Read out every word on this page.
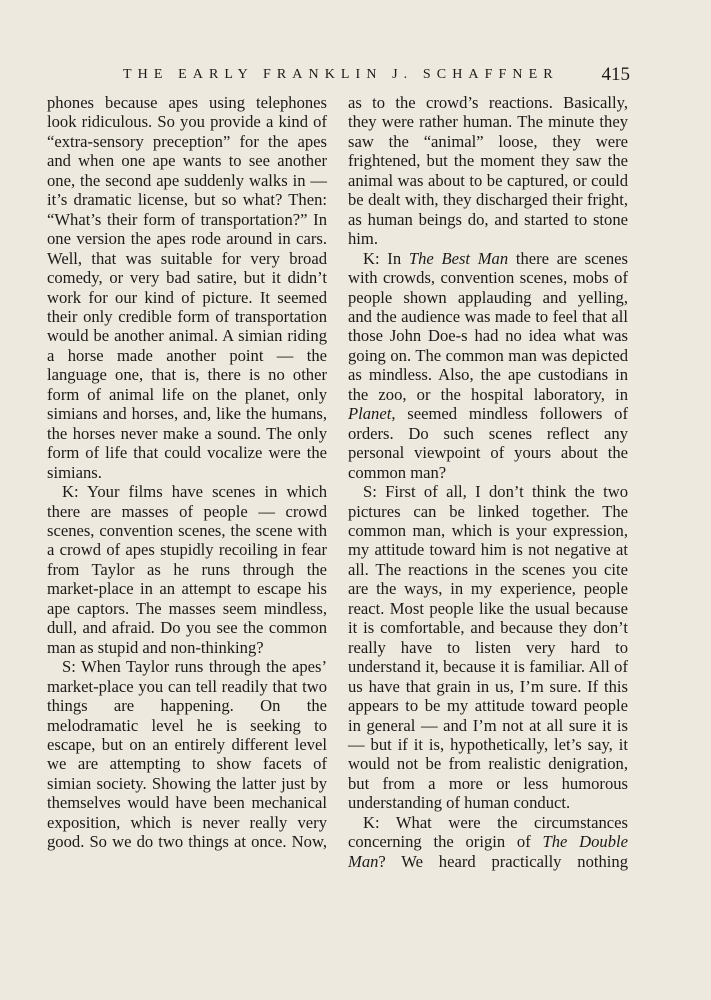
THE EARLY FRANKLIN J. SCHAFFNER 415

phones because apes using telephones look ridiculous. So you provide a kind of “extra-sensory preception” for the apes and when one ape wants to see another one, the second ape suddenly walks in — it’s dramatic license, but so what? Then: “What’s their form of transportation?” In one version the apes rode around in cars. Well, that was suitable for very broad comedy, or very bad satire, but it didn’t work for our kind of picture. It seemed their only credible form of transportation would be another animal. A simian riding a horse made another point — the language one, that is, there is no other form of animal life on the planet, only simians and horses, and, like the humans, the horses never make a sound. The only form of life that could vocalize were the simians.

K: Your films have scenes in which there are masses of people — crowd scenes, convention scenes, the scene with a crowd of apes stupidly recoiling in fear from Taylor as he runs through the market-place in an attempt to escape his ape captors. The masses seem mindless, dull, and afraid. Do you see the common man as stupid and non-thinking?

S: When Taylor runs through the apes’ market-place you can tell readily that two things are happening. On the melodramatic level he is seeking to escape, but on an entirely different level we are attempting to show facets of simian society. Showing the latter just by themselves would have been mechanical exposition, which is never really very good. So we do two things at once. Now,

as to the crowd’s reactions. Basically, they were rather human. The minute they saw the “animal” loose, they were frightened, but the moment they saw the animal was about to be captured, or could be dealt with, they discharged their fright, as human beings do, and started to stone him.

K: In The Best Man there are scenes with crowds, convention scenes, mobs of people shown applauding and yelling, and the audience was made to feel that all those John Doe-s had no idea what was going on. The common man was depicted as mindless. Also, the ape custodians in the zoo, or the hospital laboratory, in Planet, seemed mindless followers of orders. Do such scenes reflect any personal viewpoint of yours about the common man?

S: First of all, I don’t think the two pictures can be linked together. The common man, which is your expression, my attitude toward him is not negative at all. The reactions in the scenes you cite are the ways, in my experience, people react. Most people like the usual because it is comfortable, and because they don’t really have to listen very hard to understand it, because it is familiar. All of us have that grain in us, I’m sure. If this appears to be my attitude toward people in general — and I’m not at all sure it is — but if it is, hypothetically, let’s say, it would not be from realistic denigration, but from a more or less humorous understanding of human conduct.

K: What were the circumstances concerning the origin of The Double Man? We heard practically nothing
